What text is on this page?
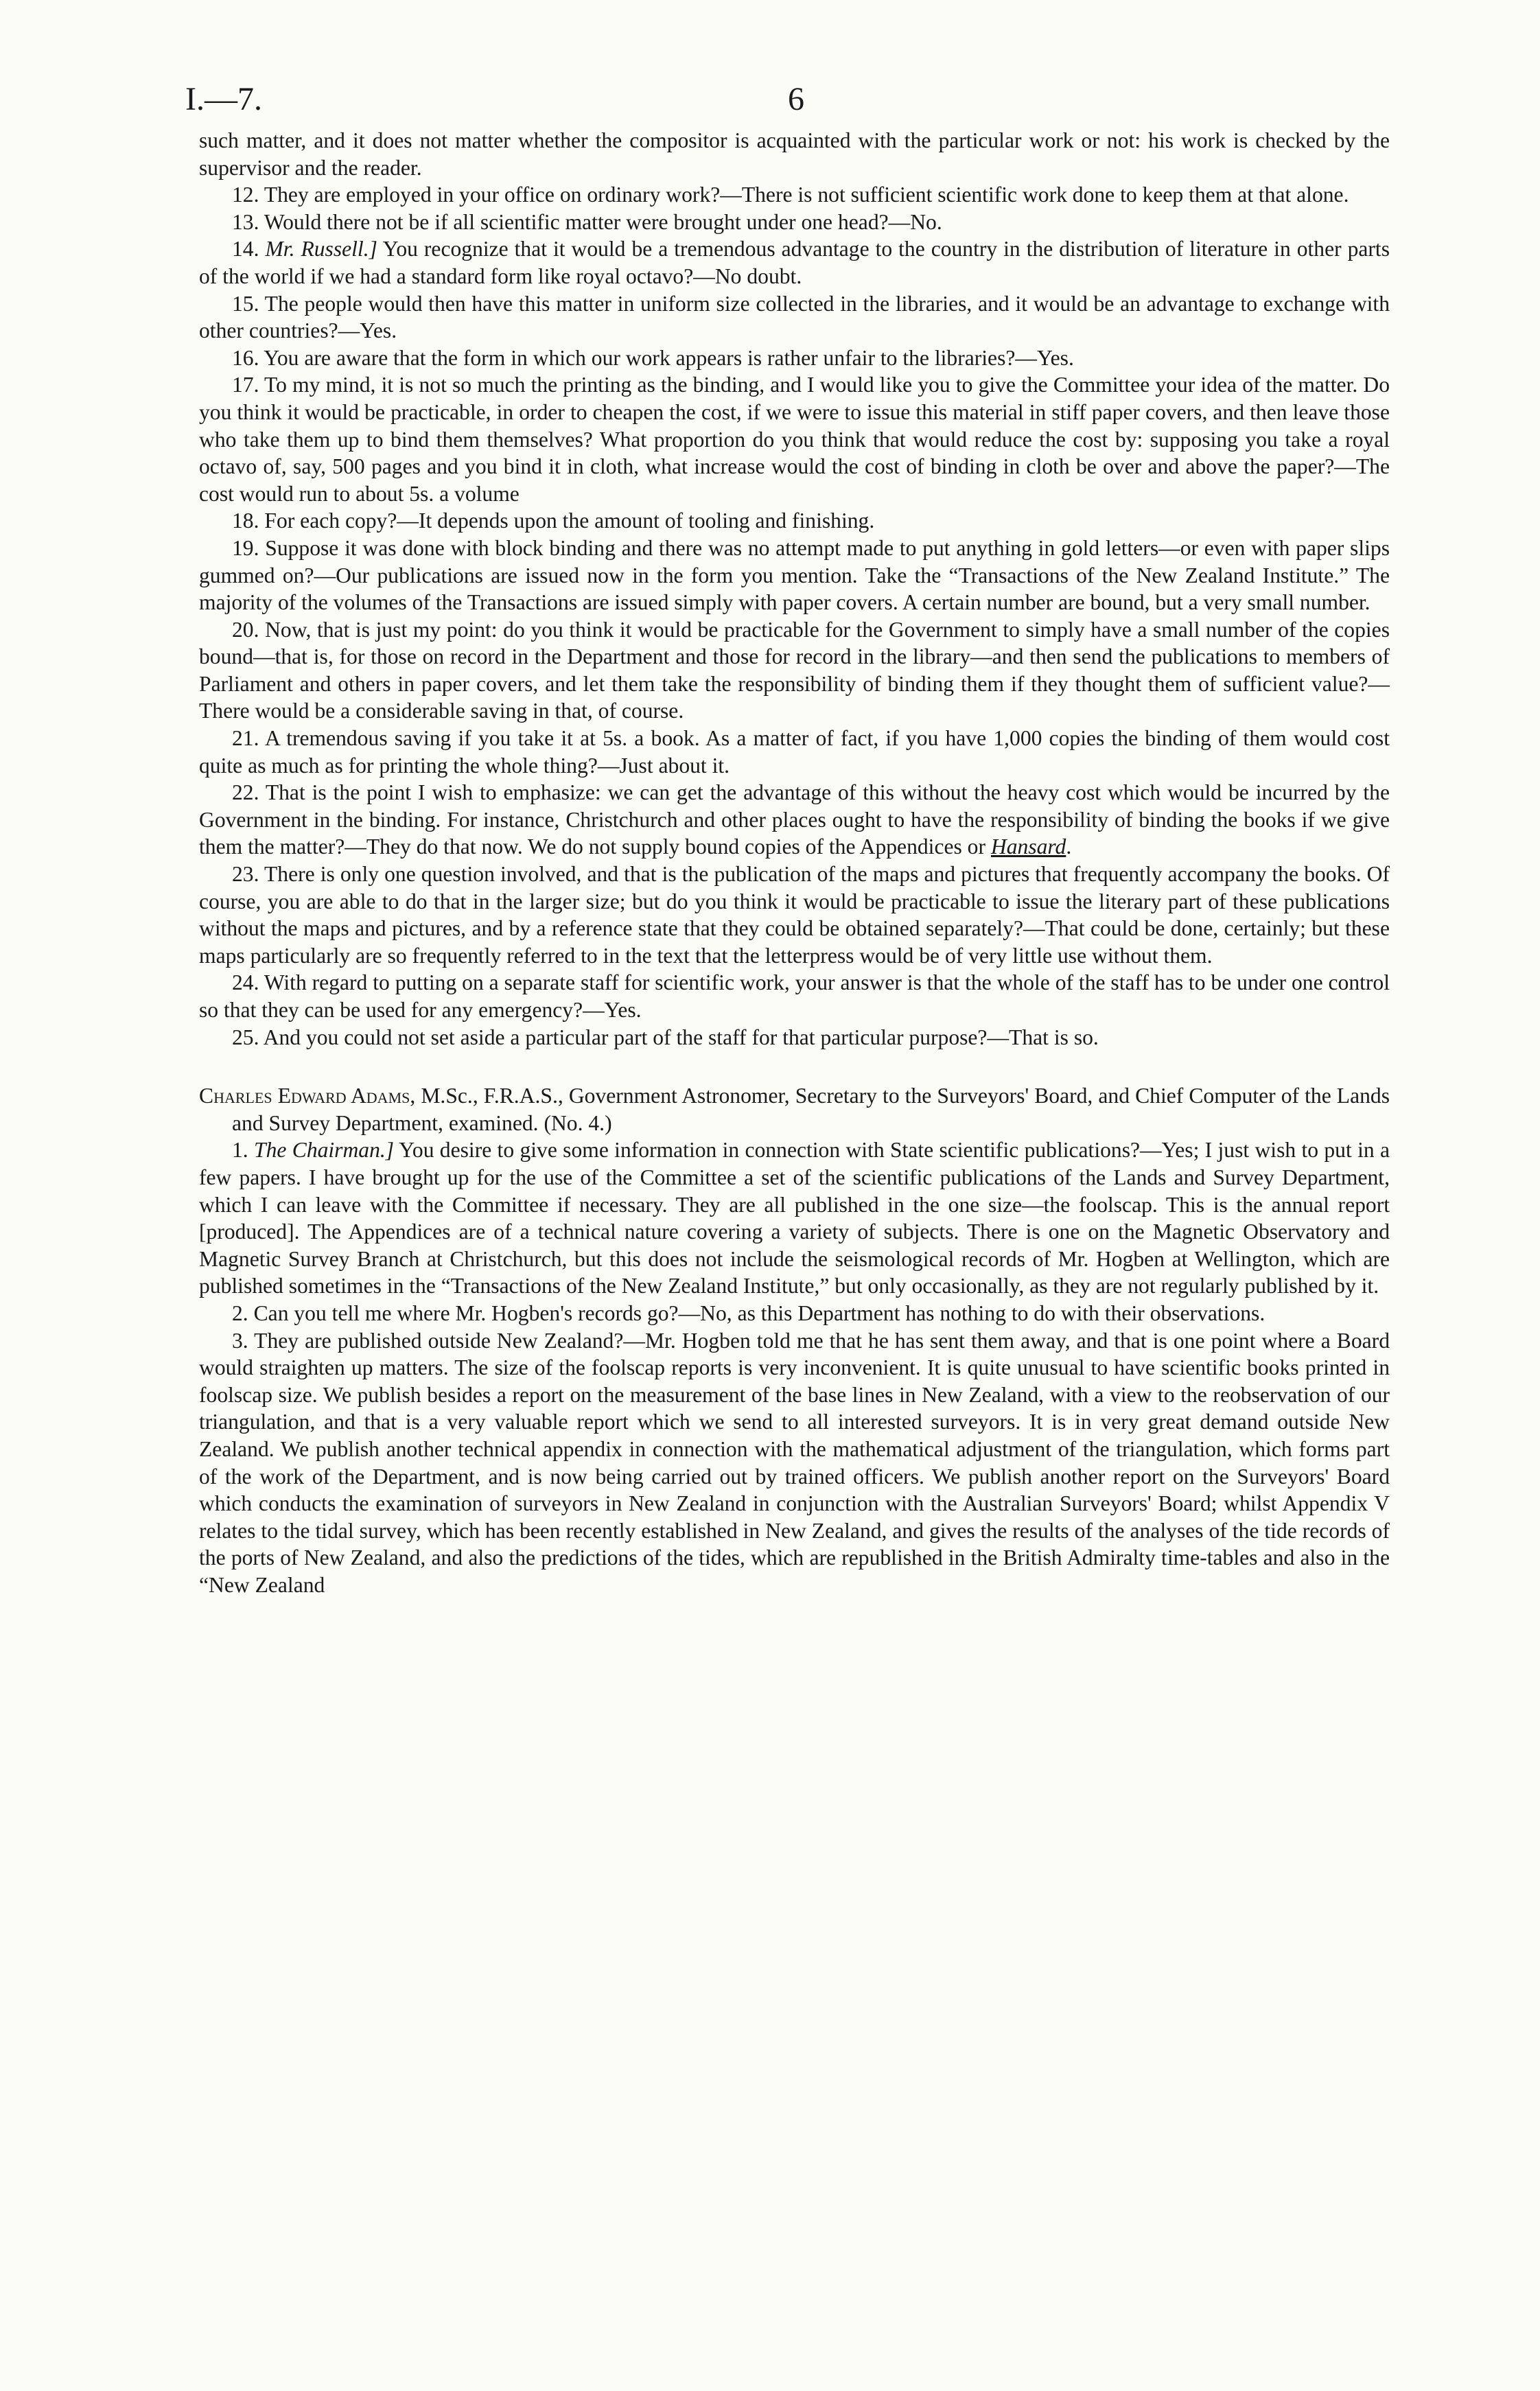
I.—7.	6

such matter, and it does not matter whether the compositor is acquainted with the particular work or not: his work is checked by the supervisor and the reader.

12. They are employed in your office on ordinary work?—There is not sufficient scientific work done to keep them at that alone.

13. Would there not be if all scientific matter were brought under one head?—No.

14. Mr. Russell.] You recognize that it would be a tremendous advantage to the country in the distribution of literature in other parts of the world if we had a standard form like royal octavo?—No doubt.

15. The people would then have this matter in uniform size collected in the libraries, and it would be an advantage to exchange with other countries?—Yes.

16. You are aware that the form in which our work appears is rather unfair to the libraries?—Yes.

17. To my mind, it is not so much the printing as the binding, and I would like you to give the Committee your idea of the matter. Do you think it would be practicable, in order to cheapen the cost, if we were to issue this material in stiff paper covers, and then leave those who take them up to bind them themselves? What proportion do you think that would reduce the cost by: supposing you take a royal octavo of, say, 500 pages and you bind it in cloth, what increase would the cost of binding in cloth be over and above the paper?—The cost would run to about 5s. a volume

18. For each copy?—It depends upon the amount of tooling and finishing.

19. Suppose it was done with block binding and there was no attempt made to put anything in gold letters—or even with paper slips gummed on?—Our publications are issued now in the form you mention. Take the “Transactions of the New Zealand Institute.” The majority of the volumes of the Transactions are issued simply with paper covers. A certain number are bound, but a very small number.

20. Now, that is just my point: do you think it would be practicable for the Government to simply have a small number of the copies bound—that is, for those on record in the Department and those for record in the library—and then send the publications to members of Parliament and others in paper covers, and let them take the responsibility of binding them if they thought them of sufficient value?—There would be a considerable saving in that, of course.

21. A tremendous saving if you take it at 5s. a book. As a matter of fact, if you have 1,000 copies the binding of them would cost quite as much as for printing the whole thing?—Just about it.

22. That is the point I wish to emphasize: we can get the advantage of this without the heavy cost which would be incurred by the Government in the binding. For instance, Christchurch and other places ought to have the responsibility of binding the books if we give them the matter?—They do that now. We do not supply bound copies of the Appendices or Hansard.

23. There is only one question involved, and that is the publication of the maps and pictures that frequently accompany the books. Of course, you are able to do that in the larger size; but do you think it would be practicable to issue the literary part of these publications without the maps and pictures, and by a reference state that they could be obtained separately?—That could be done, certainly; but these maps particularly are so frequently referred to in the text that the letterpress would be of very little use without them.

24. With regard to putting on a separate staff for scientific work, your answer is that the whole of the staff has to be under one control so that they can be used for any emergency?—Yes.

25. And you could not set aside a particular part of the staff for that particular purpose?—That is so.

Charles Edward Adams, M.Sc., F.R.A.S., Government Astronomer, Secretary to the Surveyors' Board, and Chief Computer of the Lands and Survey Department, examined. (No. 4.)

1. The Chairman.] You desire to give some information in connection with State scientific publications?—Yes; I just wish to put in a few papers. I have brought up for the use of the Committee a set of the scientific publications of the Lands and Survey Department, which I can leave with the Committee if necessary. They are all published in the one size—the foolscap. This is the annual report [produced]. The Appendices are of a technical nature covering a variety of subjects. There is one on the Magnetic Observatory and Magnetic Survey Branch at Christchurch, but this does not include the seismological records of Mr. Hogben at Wellington, which are published sometimes in the “Transactions of the New Zealand Institute,” but only occasionally, as they are not regularly published by it.

2. Can you tell me where Mr. Hogben's records go?—No, as this Department has nothing to do with their observations.

3. They are published outside New Zealand?—Mr. Hogben told me that he has sent them away, and that is one point where a Board would straighten up matters. The size of the foolscap reports is very inconvenient. It is quite unusual to have scientific books printed in foolscap size. We publish besides a report on the measurement of the base lines in New Zealand, with a view to the reobservation of our triangulation, and that is a very valuable report which we send to all interested surveyors. It is in very great demand outside New Zealand. We publish another technical appendix in connection with the mathematical adjustment of the triangulation, which forms part of the work of the Department, and is now being carried out by trained officers. We publish another report on the Surveyors' Board which conducts the examination of surveyors in New Zealand in conjunction with the Australian Surveyors' Board; whilst Appendix V relates to the tidal survey, which has been recently established in New Zealand, and gives the results of the analyses of the tide records of the ports of New Zealand, and also the predictions of the tides, which are republished in the British Admiralty time-tables and also in the “New Zealand
